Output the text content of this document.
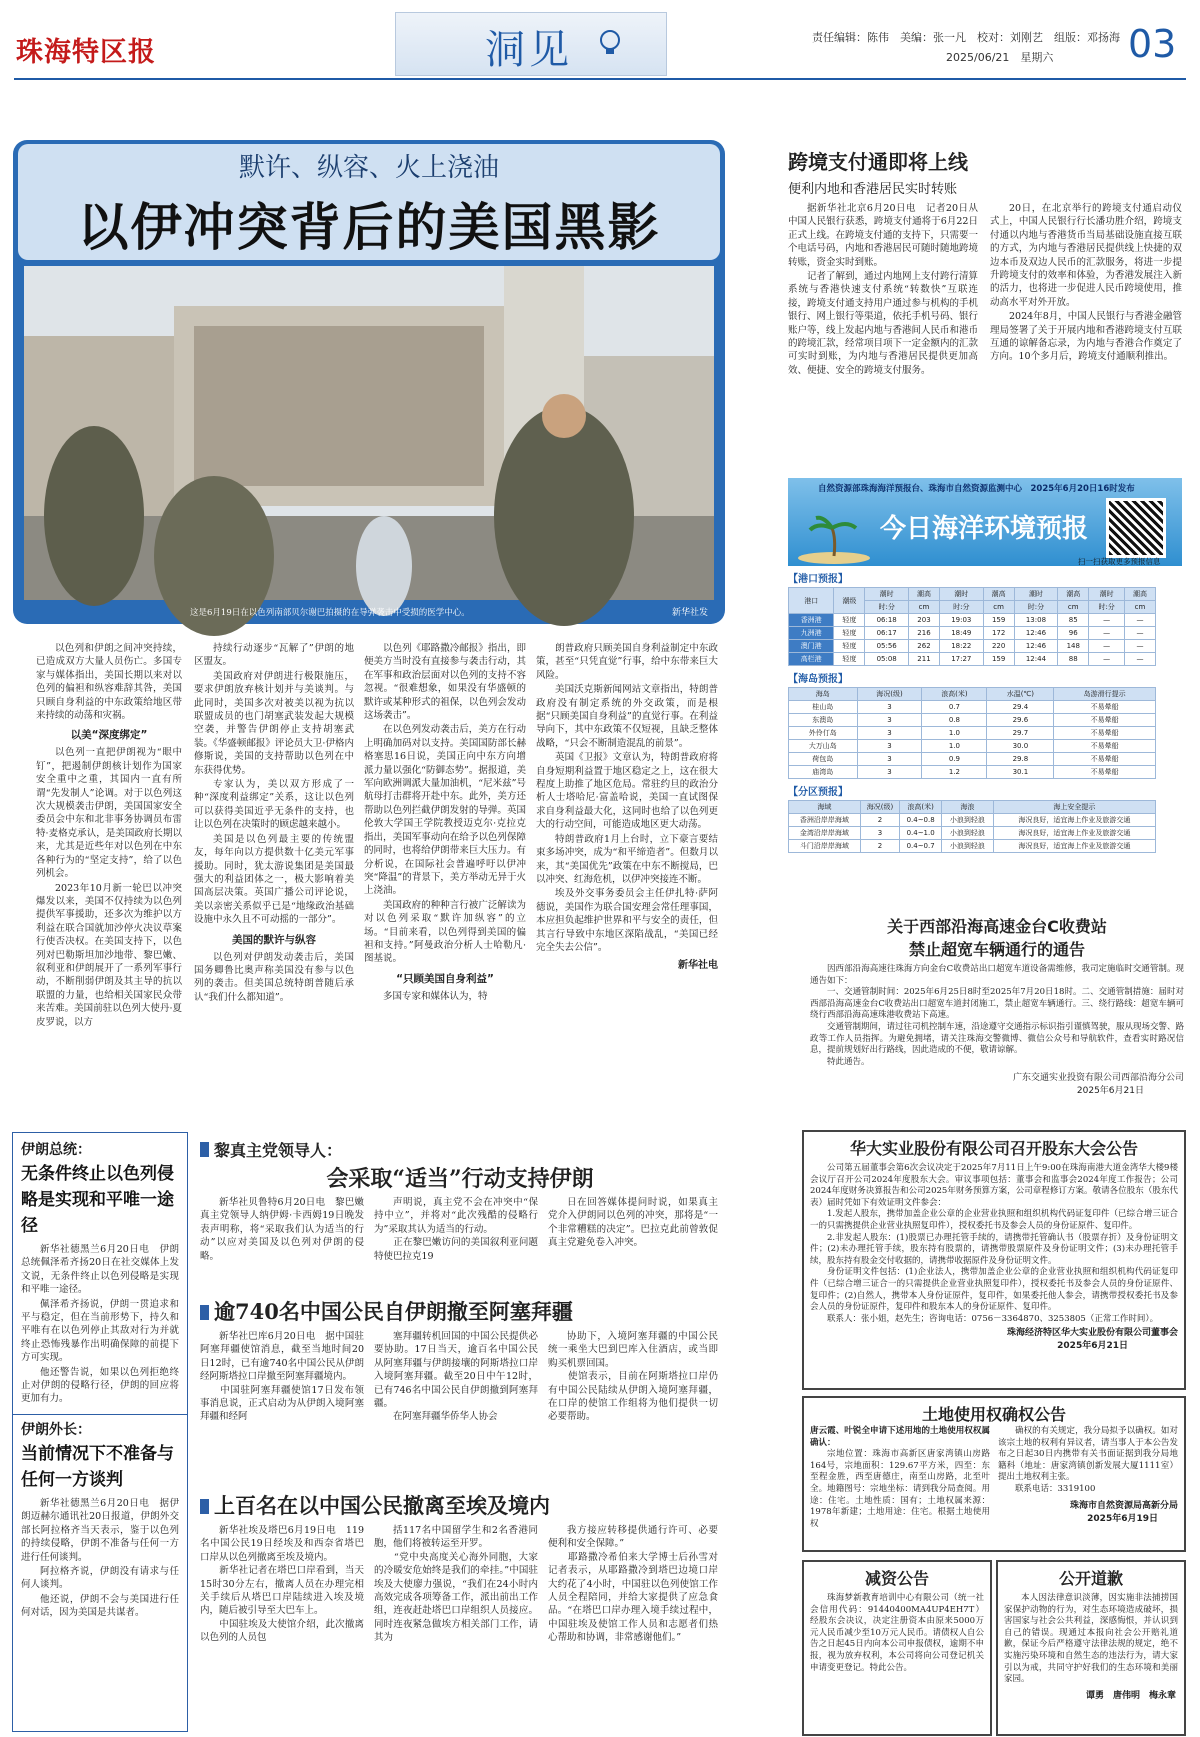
珠海特区报	洞见	责任编辑：陈伟　美编：张一凡　校对：刘刚艺　组版：邓扬海
2025/06/21　星期六 03
默许、纵容、火上浇油
以伊冲突背后的美国黑影
这是6月19日在以色列南部贝尔谢巴拍摄的在导弹袭击中受损的医学中心。	新华社发

以色列和伊朗之间冲突持续，已造成双方大量人员伤亡。多国专家与媒体指出，美国长期以来对以色列的偏袒和纵容难辞其咎，美国只顾自身利益的中东政策给地区带来持续的动荡和灾祸。

以美“深度绑定”

以色列一直把伊朗视为“眼中钉”，把遏制伊朗核计划作为国家安全重中之重，其国内一直有所谓“先发制人”论调。对于以色列这次大规模袭击伊朗，美国国家安全委员会中东和北非事务协调员布雷特·麦格克承认，是美国政府长期以来，尤其是近些年对以色列在中东各种行为的“坚定支持”，给了以色列机会。

2023年10月新一轮巴以冲突爆发以来，美国不仅持续为以色列提供军事援助，还多次为维护以方利益在联合国就加沙停火决议草案行使否决权。在美国支持下，以色列对巴勒斯坦加沙地带、黎巴嫩、叙利亚和伊朗展开了一系列军事行动，不断削弱伊朗及其主导的抗以联盟的力量，也给相关国家民众带来苦难。美国前驻以色列大使丹·夏皮罗说，以方

持续行动逐步“瓦解了”伊朗的地区盟友。

美国政府对伊朗进行极限施压，要求伊朗放弃核计划并与美谈判。与此同时，美国多次对被美以视为抗以联盟成员的也门胡塞武装发起大规模空袭，并警告伊朗停止支持胡塞武装。《华盛顿邮报》评论员大卫·伊格内修斯说，美国的支持帮助以色列在中东获得优势。

专家认为，美以双方形成了一种“深度利益绑定”关系，这让以色列可以获得美国近乎无条件的支持，也让以色列在决策时的顾虑越来越小。

美国是以色列最主要的传统盟友，每年向以方提供数十亿美元军事援助。同时，犹太游说集团是美国最强大的利益团体之一，极大影响着美国高层决策。英国广播公司评论说，美以亲密关系似乎已是“地缘政治基础设施中永久且不可动摇的一部分”。

美国的默许与纵容

以色列对伊朗发动袭击后，美国国务卿鲁比奥声称美国没有参与以色列的袭击。但美国总统特朗普随后承认“我们什么都知道”。

以色列《耶路撒冷邮报》指出，即便美方当时没有直接参与袭击行动，其在军事和政治层面对以色列的支持不容忽视。“很难想象，如果没有华盛顿的默许或某种形式的祖保，以色列会发动这场袭击”。

在以色列发动袭击后，美方在行动上明确加码对以支持。美国国防部长赫格塞思16日说，美国正向中东方向增派力量以强化“防御态势”。据报道，美军向欧洲调派大量加油机，“尼米兹”号航母打击群将开赴中东。此外，美方还帮助以色列拦截伊朗发射的导弹。英国伦敦大学国王学院教授迈克尔·克拉克指出，美国军事动向在给予以色列保障的同时，也将给伊朗带来巨大压力。有分析说，在国际社会普遍呼吁以伊冲突“降温”的背景下，美方举动无异于火上浇油。

美国政府的种种言行被广泛解读为对以色列采取“默许加纵容”的立场。“目前来看，以色列得到美国的偏袒和支持。”阿曼政治分析人士哈勒凡·图基说。

“只顾美国自身利益”

多国专家和媒体认为，特

朗普政府只顾美国自身利益制定中东政策，甚至“只凭直觉”行事，给中东带来巨大风险。

美国沃克斯新闻网站文章指出，特朗普政府没有制定系统的外交政策，而是根据“只顾美国自身利益”的直觉行事。在利益导向下，其中东政策不仅短视，且缺乏整体战略，“只会不断制造混乱的前景”。

英国《卫报》文章认为，特朗普政府将自身短期利益置于地区稳定之上，这在很大程度上助推了地区危局。常驻约旦的政治分析人士塔哈尼·富盖哈说，美国一直试图保求自身利益最大化，这同时也给了以色列更大的行动空间，可能造成地区更大动荡。

特朗普政府1月上台时，立下豪言要结束多场冲突，成为“和平缔造者”。但数月以来，其“美国优先”政策在中东不断搅局，巴以冲突、红海危机，以伊冲突接连不断。

埃及外交事务委员会主任伊扎特·萨阿德说，美国作为联合国安理会常任理事国，本应担负起维护世界和平与安全的责任，但其言行导致中东地区深陷战乱，“美国已经完全失去公信”。

新华社电
伊朗总统：
无条件终止以色列侵略是实现和平唯一途径

新华社德黑兰6月20日电　伊朗总统佩泽希齐扬20日在社交媒体上发文说，无条件终止以色列侵略是实现和平唯一途径。

佩泽希齐扬说，伊朗一贯追求和平与稳定，但在当前形势下，持久和平唯有在以色列停止其敌对行为并就终止恐怖残暴作出明确保障的前提下方可实现。

他还警告说，如果以色列拒绝终止对伊朗的侵略行径，伊朗的回应将更加有力。

伊朗外长：
当前情况下不准备与任何一方谈判

新华社德黑兰6月20日电　据伊朗迈赫尔通讯社20日报道，伊朗外交部长阿拉格齐当天表示，鉴于以色列的持续侵略，伊朗不准备与任何一方进行任何谈判。

阿拉格齐说，伊朗没有请求与任何人谈判。

他还说，伊朗不会与美国进行任何对话，因为美国是共谋者。

黎真主党领导人：
会采取“适当”行动支持伊朗

新华社贝鲁特6月20日电　黎巴嫩真主党领导人纳伊姆·卡西姆19日晚发表声明称，将“采取我们认为适当的行动”以应对美国及以色列对伊朗的侵略。

声明说，真主党不会在冲突中“保持中立”，并将对“此次残酷的侵略行为”采取其认为适当的行动。
　　正在黎巴嫩访问的美国叙利亚问题特使巴拉克19

日在回答媒体提问时说，如果真主党介入伊朗同以色列的冲突，那将是“一个非常糟糕的决定”。巴拉克此前曾敦促真主党避免卷入冲突。

逾740名中国公民自伊朗撤至阿塞拜疆

新华社巴库6月20日电　据中国驻阿塞拜疆使馆消息，截至当地时间20日12时，已有逾740名中国公民从伊朗经阿斯塔拉口岸撤至阿塞拜疆境内。
　　中国驻阿塞拜疆使馆17日发布领事消息说，正式启动为从伊朗入境阿塞拜疆和经阿

塞拜疆转机回国的中国公民提供必要协助。17日当天，逾百名中国公民从阿塞拜疆与伊朗接壤的阿斯塔拉口岸入境阿塞拜疆。截至20日中午12时，已有746名中国公民自伊朗撤到阿塞拜疆。
　　在阿塞拜疆华侨华人协会

协助下，入境阿塞拜疆的中国公民统一乘坐大巴到巴库入住酒店，或当即购买机票回国。
　　使馆表示，目前在阿斯塔拉口岸仍有中国公民陆续从伊朗入境阿塞拜疆，在口岸的使馆工作组将为他们提供一切必要帮助。

上百名在以中国公民撤离至埃及境内

新华社埃及塔巴6月19日电　119名中国公民19日经埃及和西奈省塔巴口岸从以色列撤离至埃及境内。
　　新华社记者在塔巴口岸看到，当天15时30分左右，撤离人员在办理完相关手续后从塔巴口岸陆续进入埃及境内，随后被引导至大巴车上。
　　中国驻埃及大使馆介绍，此次撤离以色列的人员包

括117名中国留学生和2名香港同胞，他们将被转运至开罗。
　　“党中央高度关心海外同胞，大家的冷暖安危始终是我们的牵挂。”中国驻埃及大使廖力强说，“我们在24小时内高效完成各项筹备工作，派出前出工作组，连夜赶赴塔巴口岸组织人员接应。同时连夜紧急做埃方相关部门工作，请其为

我方接应转移提供通行许可、必要便利和安全保障。”
　　耶路撒冷希伯来大学博士后孙雪对记者表示，从耶路撒冷到塔巴边境口岸大约花了4小时，中国驻以色列使馆工作人员全程陪同，并给大家提供了应急食品。“在塔巴口岸办理入境手续过程中，中国驻埃及使馆工作人员和志愿者们热心帮助和协调，非常感谢他们。”

跨境支付通即将上线
便利内地和香港居民实时转账

据新华社北京6月20日电　记者20日从中国人民银行获悉，跨境支付通将于6月22日正式上线。在跨境支付通的支持下，只需要一个电话号码，内地和香港居民可随时随地跨境转账，资金实时到账。

记者了解到，通过内地网上支付跨行清算系统与香港快速支付系统“转数快”互联连接，跨境支付通支持用户通过参与机构的手机银行、网上银行等渠道，依托手机号码、银行账户等，线上发起内地与香港间人民币和港币的跨境汇款，经常项目项下一定金额内的汇款可实时到账，为内地与香港居民提供更加高效、便捷、安全的跨境支付服务。

20日，在北京举行的跨境支付通启动仪式上，中国人民银行行长潘功胜介绍，跨境支付通以内地与香港货币当局基础设施直接互联的方式，为内地与香港居民提供线上快捷的双边本币及双边人民币的汇款服务，将进一步提升跨境支付的效率和体验，为香港发展注入新的活力，也将进一步促进人民币跨境使用，推动高水平对外开放。

2024年8月，中国人民银行与香港金融管理局签署了关于开展内地和香港跨境支付互联互通的谅解备忘录，为内地与香港合作奠定了方向。10个多月后，跨境支付通顺利推出。

自然资源部珠海海洋预报台、珠海市自然资源监测中心　2025年6月20日16时发布
今日海洋环境预报
扫一扫获取更多预报信息
【港口预报】
港口	潮级	潮时	潮高	潮时	潮高	潮时	潮高	潮时	潮高
		时:分	cm	时:分	cm	时:分	cm	时:分	cm
香洲港	轻度	06:18	203	19:03	159	13:08	85	—	—
九洲港	轻度	06:17	216	18:49	172	12:46	96	—	—
澳门港	轻度	05:56	262	18:22	220	12:46	148	—	—
高栏港	轻度	05:08	211	17:27	159	12:44	88	—	—
【海岛预报】
海岛	海况(级)	浪高(米)	水温(℃)	岛游滑行提示
桂山岛	3	0.7	29.4	不易晕船
东澳岛	3	0.8	29.6	不易晕船
外伶仃岛	3	1.0	29.7	不易晕船
大万山岛	3	1.0	30.0	不易晕船
荷包岛	3	0.9	29.8	不易晕船
庙湾岛	3	1.2	30.1	不易晕船
【分区预报】
海域	海况(级)	浪高(米)	海浪	海上安全提示
香洲沿岸岸海域	2	0.4~0.8	小浪到轻浪	海况良好，适宜海上作业及旅游交通
金湾沿岸岸海域	3	0.4~1.0	小浪到轻浪	海况良好，适宜海上作业及旅游交通
斗门沿岸岸海域	2	0.4~0.7	小浪到轻浪	海况良好，适宜海上作业及旅游交通
关于西部沿海高速金台C收费站
禁止超宽车辆通行的通告

因西部沿海高速往珠海方向金台C收费站出口超宽车道设备需维修，我司定施临时交通管制。现通告如下：

一、交通管制时间：2025年6月25日8时至2025年7月20日18时。二、交通管制措施：届时对西部沿海高速金台C收费站出口超宽车道封闭施工，禁止超宽车辆通行。三、绕行路线：超宽车辆可绕行西部沿海高速珠港收费站下高速。

交通管制期间，请过往司机控制车速，沿途遵守交通指示标识指引谨慎驾驶，服从现场交警、路政等工作人员指挥。为避免拥堵，请关注珠海交警微博、微信公众号和导航软件，查看实时路况信息，提前规划好出行路线，因此造成的不便，敬请谅解。

特此通告。

广东交通实业投资有限公司西部沿海分公司
2025年6月21日
华大实业股份有限公司召开股东大会公告

公司第五届董事会第6次会议决定于2025年7月11日上午9:00在珠海南港大道金湾华大楼9楼会议厅召开公司2024年度股东大会。审议事项包括：董事会和监事会2024年度工作报告；公司2024年度财务决算报告和公司2025年财务预算方案，公司章程修订方案。敬请各位股东（股东代表）届时凭如下有效证明文件参会：

1.发起人股东，携带加盖企业公章的企业营业执照和组织机构代码证复印件（已综合增三证合一的只需携提供企业营业执照复印件），授权委托书及参会人员的身份证原件、复印件。

2.非发起人股东：(1)股票已办理托管手续的，请携带托管确认书（股票存折）及身份证明文件；(2)未办理托管手续，股东持有股票的，请携带股票原件及身份证明文件；(3)未办理托管手续，股东持有股金交付收据的，请携带收据原件及身份证明文件。

身份证明文件包括：(1)企业法人，携带加盖企业公章的企业营业执照和组织机构代码证复印件（已综合增三证合一的只需提供企业营业执照复印件），授权委托书及参会人员的身份证原件、复印件；(2)自然人，携带本人身份证原件，复印件，如果委托他人参会，请携带授权委托书及参会人员的身份证原件，复印件和股东本人的身份证原件、复印件。

联系人：张小姐，赵先生；咨询电话：0756－3364870、3253805（正常工作时间）。

珠海经济特区华大实业股份有限公司董事会
2025年6月21日
土地使用权确权公告

唐云霞、叶锐全申请下述用地的土地使用权权属确认：

宗地位置：珠海市高新区唐家湾镇山房路164号，宗地面积：129.67平方米，四至：东至程金胜，西至唐德庄，南至山房路，北至叶全。地籍图号：宗地坐标：请到我分局查阅。用途：住宅。土地性质：国有；土地权属来源：1978年新建；土地用途：住宅。根据土地使用权

确权的有关规定，我分局拟予以确权。如对该宗土地的权利有异议者，请当事人于本公告发布之日起30日内携带有关书面证据到我分局地籍科（地址：唐家湾镇创新发展大厦1111室）提出土地权利主张。
　　联系电话：3319100

珠海市自然资源局高新分局
2025年6月19日
减资公告

珠海梦新教育培训中心有限公司（统一社会信用代码：91440400MA4UP4EH7T）经股东会决议，决定注册资本由原来5000万元人民币减少至10万元人民币。请债权人自公告之日起45日内向本公司申报债权，逾期不申报，视为放弃权利，本公司将向公司登记机关申请变更登记。特此公告。

公开道歉

本人因法律意识淡薄，因实施非法捕捞国家保护动物的行为，对生态环境造成破坏，损害国家与社会公共利益，深感悔恨，并认识到自己的错误。现通过本报向社会公开赔礼道歉，保证今后严格遵守法律法规的规定，绝不实施污染环境和自然生态的违法行为，请大家引以为戒，共同守护好我们的生态环境和美丽家园。

谭勇　唐伟明　梅永章
